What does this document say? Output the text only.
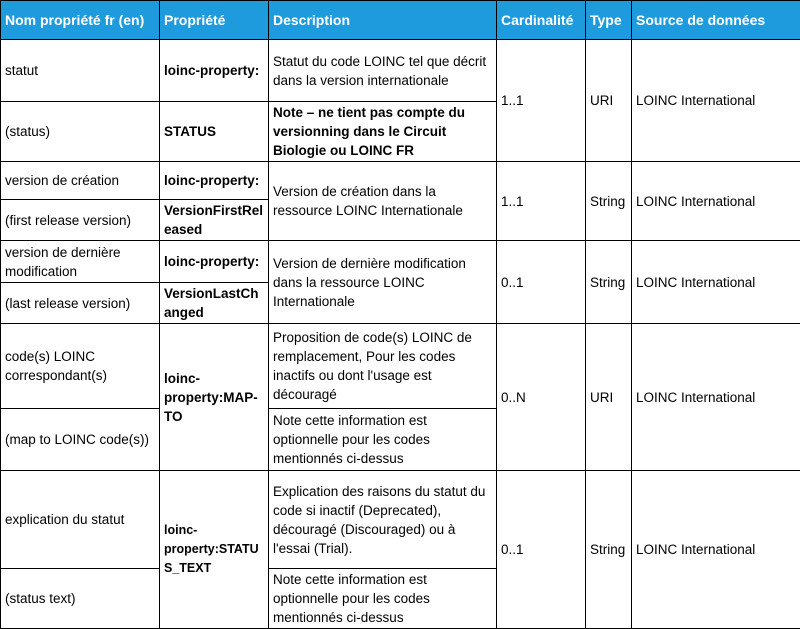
Nom propriété fr (en)	Propriété	Description	Cardinalité	Type	Source de données
statut	loinc-property:	Statut du code LOINC tel que décrit dans la version internationale	1..1	URI	LOINC International
(status)	STATUS	Note – ne tient pas compte du versionning dans le Circuit Biologie ou LOINC FR			
version de création	loinc-property:	Version de création dans la ressource LOINC Internationale	1..1	String	LOINC International
(first release version)	VersionFirstReleased				
version de dernière modification	loinc-property:	Version de dernière modification dans la ressource LOINC Internationale	0..1	String	LOINC International
(last release version)	VersionLastChanged				
code(s) LOINC correspondant(s)	loinc-property:MAP-TO	Proposition de code(s) LOINC de remplacement, Pour les codes inactifs ou dont l'usage est découragé	0..N	URI	LOINC International
(map to LOINC code(s))		Note cette information est optionnelle pour les codes mentionnés ci-dessus			
explication du statut	loinc-property:STATUS_TEXT	Explication des raisons du statut du code si inactif (Deprecated), découragé (Discouraged) ou à l'essai (Trial).	0..1	String	LOINC International
(status text)		Note cette information est optionnelle pour les codes mentionnés ci-dessus			
